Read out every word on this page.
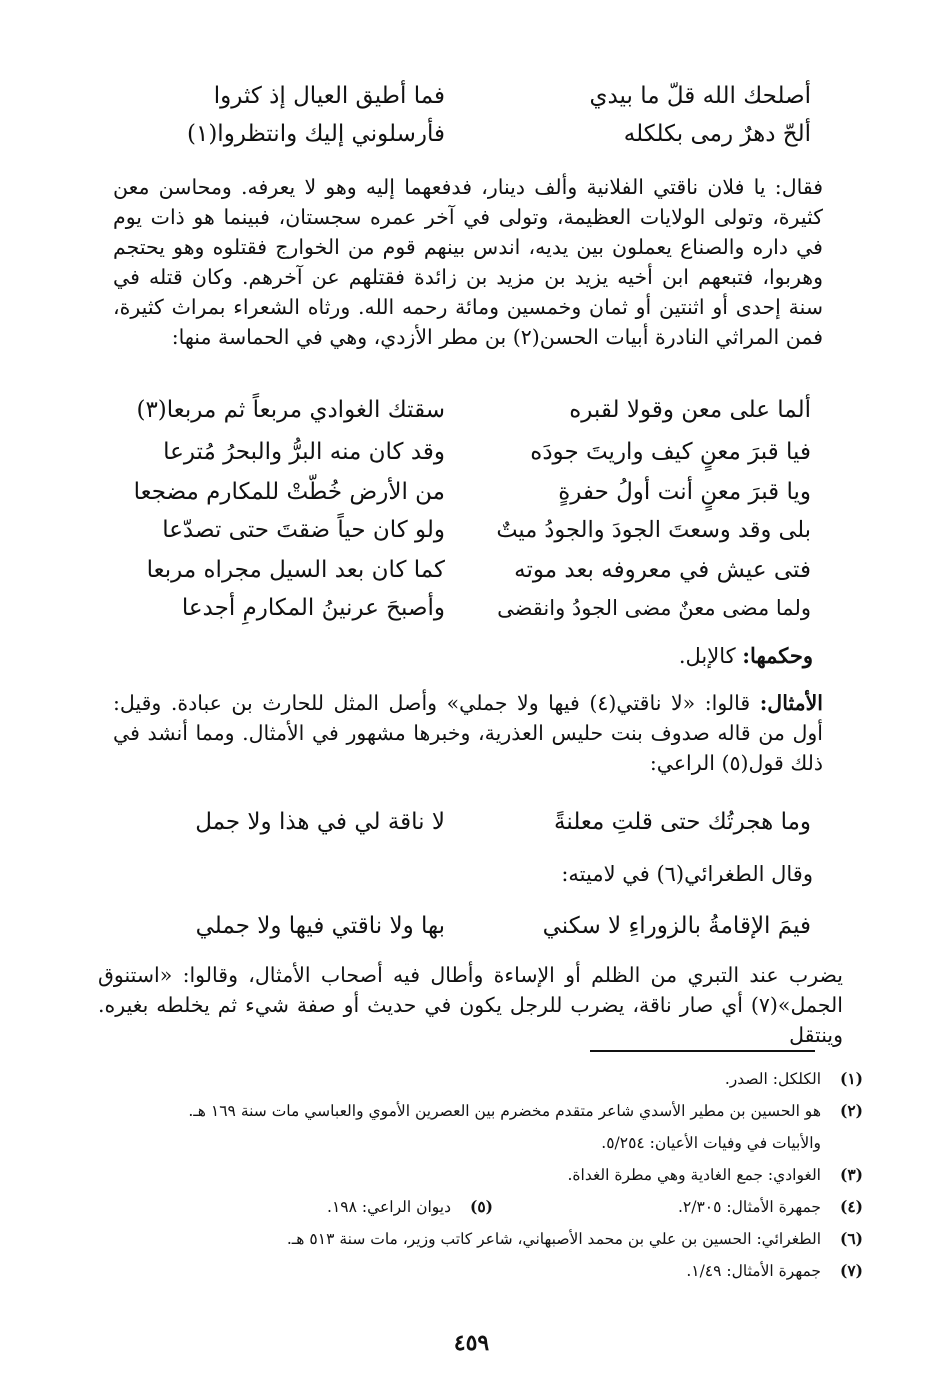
أصلحك الله قلّ ما بيدي
فما أطيق العيال إذ كثروا
ألحّ دهرٌ رمى بكلكله
فأرسلوني إليك وانتظروا(١)
فقال: يا فلان ناقتي الفلانية وألف دينار، فدفعهما إليه وهو لا يعرفه. ومحاسن معن كثيرة، وتولى الولايات العظيمة، وتولى في آخر عمره سجستان، فبينما هو ذات يوم في داره والصناع يعملون بين يديه، اندس بينهم قوم من الخوارج فقتلوه وهو يحتجم وهربوا، فتبعهم ابن أخيه يزيد بن مزيد بن زائدة فقتلهم عن آخرهم. وكان قتله في سنة إحدى أو اثنتين أو ثمان وخمسين ومائة رحمه الله. ورثاه الشعراء بمراث كثيرة، فمن المراثي النادرة أبيات الحسن(٢) بن مطر الأزدي، وهي في الحماسة منها:
ألما على معن وقولا لقبره
سقتك الغوادي مربعاً ثم مربعا(٣)
فيا قبرَ معنٍ كيف واريتَ جودَه
وقد كان منه البرُّ والبحرُ مُترعا
ويا قبرَ معنٍ أنت أولُ حفرةٍ
من الأرض خُطّتْ للمكارم مضجعا
بلى وقد وسعتَ الجودَ والجودُ ميتٌ
ولو كان حياً ضقتَ حتى تصدّعا
فتى عيش في معروفه بعد موته
كما كان بعد السيل مجراه مربعا
ولما مضى معنٌ مضى الجودُ وانقضى
وأصبحَ عرنينُ المكارمِ أجدعا
وحكمها: كالإبل.
الأمثال: قالوا: «لا ناقتي(٤) فيها ولا جملي» وأصل المثل للحارث بن عبادة. وقيل: أول من قاله صدوف بنت حليس العذرية، وخبرها مشهور في الأمثال. ومما أنشد في ذلك قول(٥) الراعي:
وما هجرتُك حتى قلتِ معلنةً
لا ناقة لي في هذا ولا جمل
وقال الطغرائي(٦) في لاميته:
فيمَ الإقامةُ بالزوراءِ لا سكني
بها ولا ناقتي فيها ولا جملي
يضرب عند التبري من الظلم أو الإساءة وأطال فيه أصحاب الأمثال، وقالوا: «استنوق الجمل»(٧) أي صار ناقة، يضرب للرجل يكون في حديث أو صفة شيء ثم يخلطه بغيره. وينتقل
(١)الكلكل: الصدر.
(٢)هو الحسين بن مطير الأسدي شاعر متقدم مخضرم بين العصرين الأموي والعباسي مات سنة ١٦٩ هـ.
والأبيات في وفيات الأعيان: ٥/٢٥٤.
(٣)الغوادي: جمع الغادية وهي مطرة الغداة.
(٤)جمهرة الأمثال: ٢/٣٠٥.
(٥)ديوان الراعي: ١٩٨.
(٦)الطغرائي: الحسين بن علي بن محمد الأصبهاني، شاعر كاتب وزير، مات سنة ٥١٣ هـ.
(٧)جمهرة الأمثال: ١/٤٩.
٤٥٩
